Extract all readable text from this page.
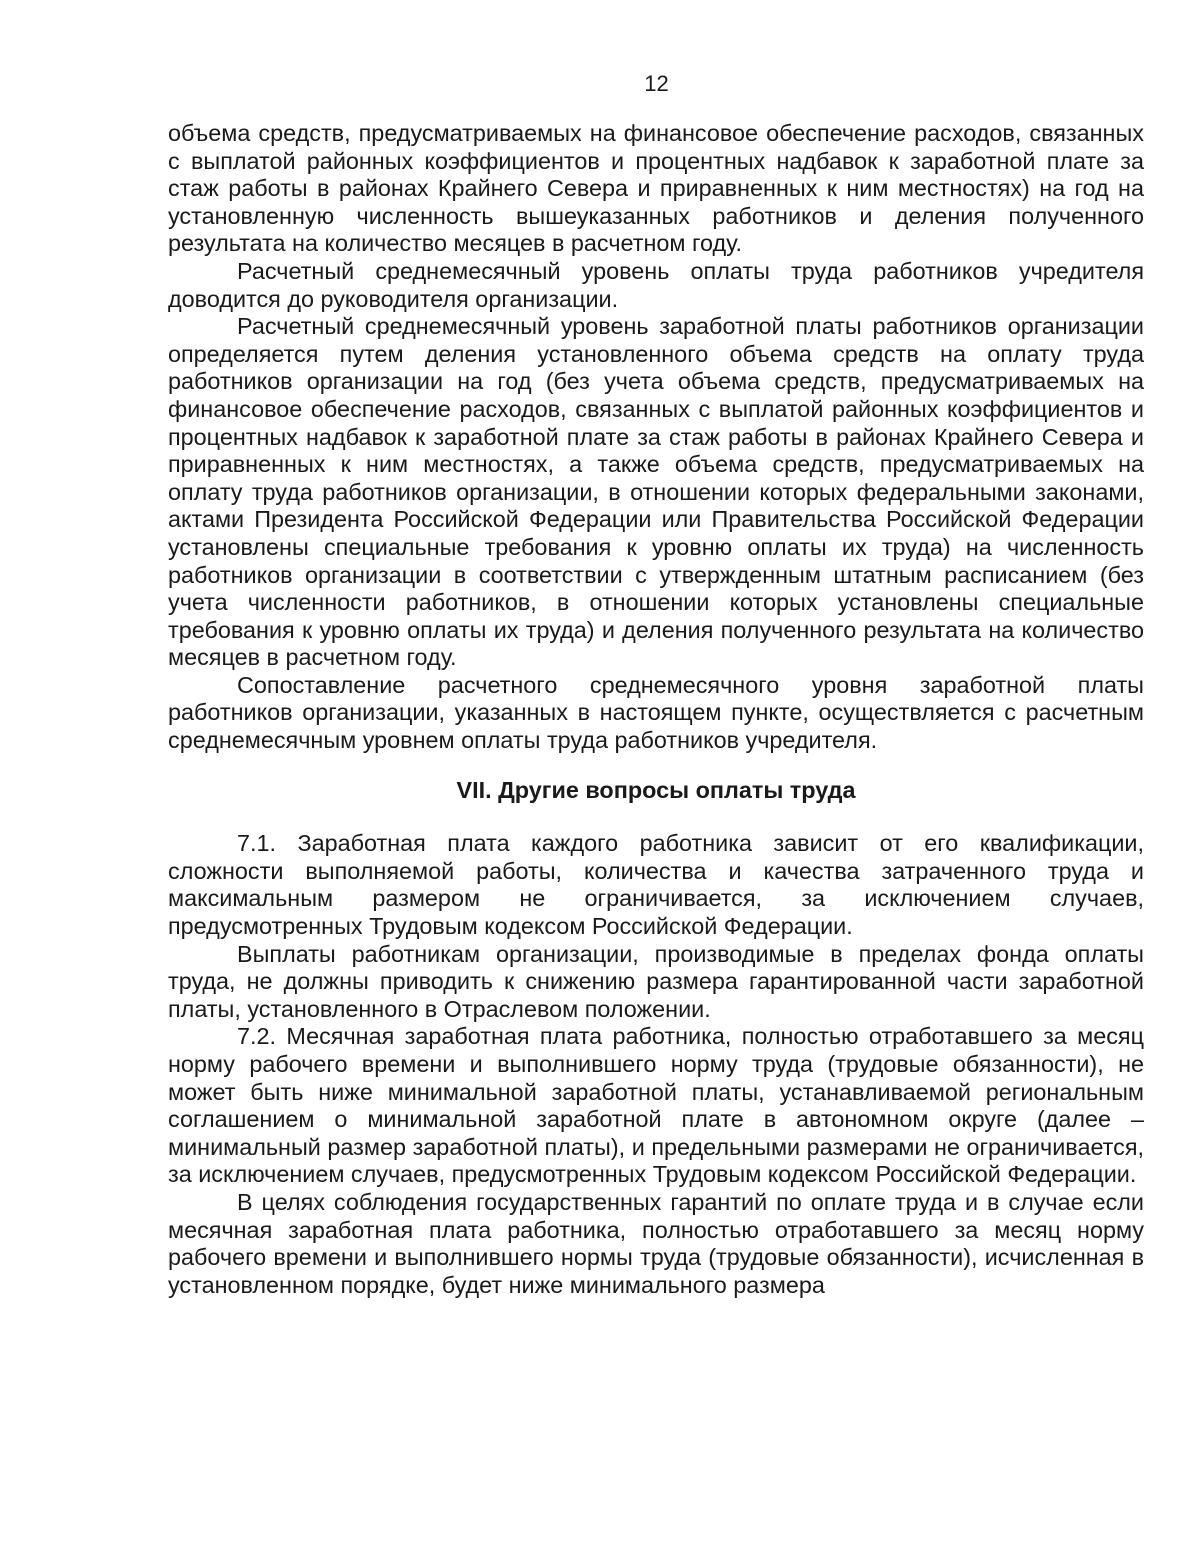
12

объема средств, предусматриваемых на финансовое обеспечение расходов, связанных с выплатой районных коэффициентов и процентных надбавок к заработной плате за стаж работы в районах Крайнего Севера и приравненных к ним местностях) на год на установленную численность вышеуказанных работников и деления полученного результата на количество месяцев в расчетном году.

Расчетный среднемесячный уровень оплаты труда работников учредителя доводится до руководителя организации.

Расчетный среднемесячный уровень заработной платы работников организации определяется путем деления установленного объема средств на оплату труда работников организации на год (без учета объема средств, предусматриваемых на финансовое обеспечение расходов, связанных с выплатой районных коэффициентов и процентных надбавок к заработной плате за стаж работы в районах Крайнего Севера и приравненных к ним местностях, а также объема средств, предусматриваемых на оплату труда работников организации, в отношении которых федеральными законами, актами Президента Российской Федерации или Правительства Российской Федерации установлены специальные требования к уровню оплаты их труда) на численность работников организации в соответствии с утвержденным штатным расписанием (без учета численности работников, в отношении которых установлены специальные требования к уровню оплаты их труда) и деления полученного результата на количество месяцев в расчетном году.

Сопоставление расчетного среднемесячного уровня заработной платы работников организации, указанных в настоящем пункте, осуществляется с расчетным среднемесячным уровнем оплаты труда работников учредителя.

VII. Другие вопросы оплаты труда

7.1. Заработная плата каждого работника зависит от его квалификации, сложности выполняемой работы, количества и качества затраченного труда и максимальным размером не ограничивается, за исключением случаев, предусмотренных Трудовым кодексом Российской Федерации.

Выплаты работникам организации, производимые в пределах фонда оплаты труда, не должны приводить к снижению размера гарантированной части заработной платы, установленного в Отраслевом положении.

7.2. Месячная заработная плата работника, полностью отработавшего за месяц норму рабочего времени и выполнившего норму труда (трудовые обязанности), не может быть ниже минимальной заработной платы, устанавливаемой региональным соглашением о минимальной заработной плате в автономном округе (далее – минимальный размер заработной платы), и предельными размерами не ограничивается, за исключением случаев, предусмотренных Трудовым кодексом Российской Федерации.

В целях соблюдения государственных гарантий по оплате труда и в случае если месячная заработная плата работника, полностью отработавшего за месяц норму рабочего времени и выполнившего нормы труда (трудовые обязанности), исчисленная в установленном порядке, будет ниже минимального размера
